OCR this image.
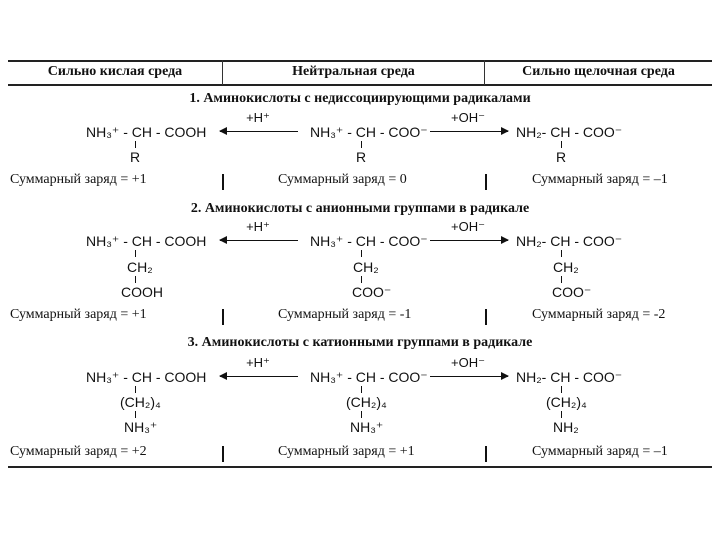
Сильно кислая среда	Нейтральная среда	Сильно щелочная среда
1. Аминокислоты с недиссоциирующими радикалами
NH₃⁺ - CH - COOH
R
+H⁺
NH₃⁺ - CH - COO⁻
R
+OH⁻
NH₂- CH - COO⁻
R
Суммарный заряд = +1	Суммарный заряд = 0	Суммарный заряд = –1
2. Аминокислоты с анионными группами в радикале
NH₃⁺ - CH - COOH
CH₂
COOH
+H⁺
NH₃⁺ - CH - COO⁻
CH₂
COO⁻
+OH⁻
NH₂- CH - COO⁻
CH₂
COO⁻
Суммарный заряд = +1	Суммарный заряд = -1	Суммарный заряд = -2
3. Аминокислоты с катионными группами в радикале
NH₃⁺ - CH - COOH
(CH₂)₄
NH₃⁺
+H⁺
NH₃⁺ - CH - COO⁻
(CH₂)₄
NH₃⁺
+OH⁻
NH₂- CH - COO⁻
(CH₂)₄
NH₂
Суммарный заряд = +2	Суммарный заряд = +1	Суммарный заряд = –1
